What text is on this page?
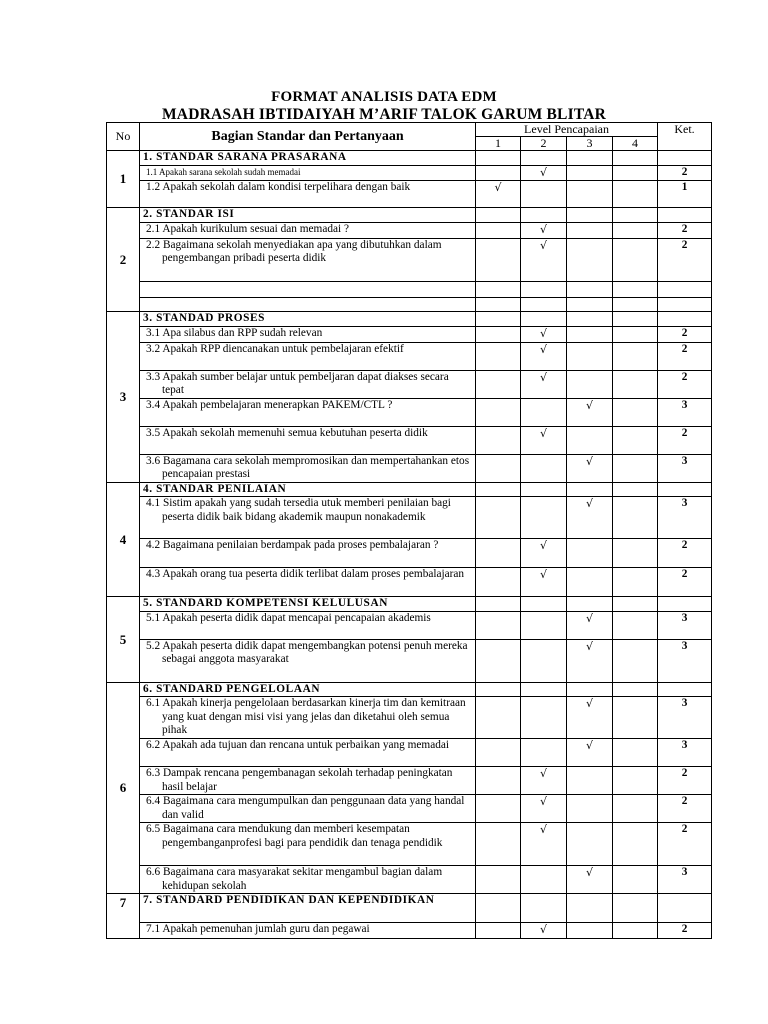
FORMAT ANALISIS DATA EDM
MADRASAH IBTIDAIYAH M’ARIF TALOK GARUM BLITAR
No	Bagian Standar dan Pertanyaan	Level Pencapaian				Ket.
		1	2	3	4	
1	1. STANDAR SARANA PRASARANA					

	1.1 Apakah sarana sekolah sudah memadai		√			2

	1.2 Apakah sekolah dalam kondisi terpelihara dengan baik	√				1
2	2. STANDAR ISI					

	2.1 Apakah kurikulum sesuai dan memadai ?		√			2

	2.2 Bagaimana sekolah menyediakan apa yang dibutuhkan dalam pengembangan pribadi peserta didik		√			2

3	3. STANDAD PROSES					

	3.1 Apa silabus dan RPP sudah relevan		√			2

	3.2 Apakah RPP diencanakan untuk pembelajaran efektif		√			2

	3.3 Apakah sumber belajar untuk pembeljaran dapat diakses secara tepat		√			2

	3.4 Apakah pembelajaran menerapkan PAKEM/CTL ?			√		3

	3.5 Apakah sekolah memenuhi semua kebutuhan peserta didik		√			2

	3.6 Bagamana cara sekolah mempromosikan dan mempertahankan etos pencapaian prestasi			√		3
4	4. STANDAR PENILAIAN					

	4.1 Sistim apakah yang sudah tersedia utuk memberi penilaian bagi peserta didik baik bidang akademik maupun nonakademik			√		3

	4.2 Bagaimana penilaian berdampak pada proses pembalajaran ?		√			2

	4.3 Apakah orang tua peserta didik terlibat dalam proses pembalajaran		√			2
5	5. STANDARD KOMPETENSI KELULUSAN					

	5.1 Apakah peserta didik dapat mencapai pencapaian akademis			√		3

	5.2 Apakah peserta didik dapat mengembangkan potensi penuh mereka sebagai anggota masyarakat			√		3
6	6. STANDARD PENGELOLAAN					

	6.1 Apakah kinerja pengelolaan berdasarkan kinerja tim dan kemitraan yang kuat dengan misi visi yang jelas dan diketahui oleh semua pihak			√		3

	6.2 Apakah ada tujuan dan rencana untuk perbaikan yang memadai			√		3

	6.3 Dampak rencana pengembanagan sekolah terhadap peningkatan hasil belajar		√			2

	6.4 Bagaimana cara mengumpulkan dan penggunaan data yang handal dan valid		√			2

	6.5 Bagaimana cara mendukung dan memberi kesempatan pengembanganprofesi bagi para pendidik dan tenaga pendidik		√			2

	6.6 Bagaimana cara masyarakat sekitar mengambul bagian dalam kehidupan sekolah			√		3
7	7. STANDARD PENDIDIKAN DAN KEPENDIDIKAN					

	7.1 Apakah pemenuhan jumlah guru dan pegawai		√			2
